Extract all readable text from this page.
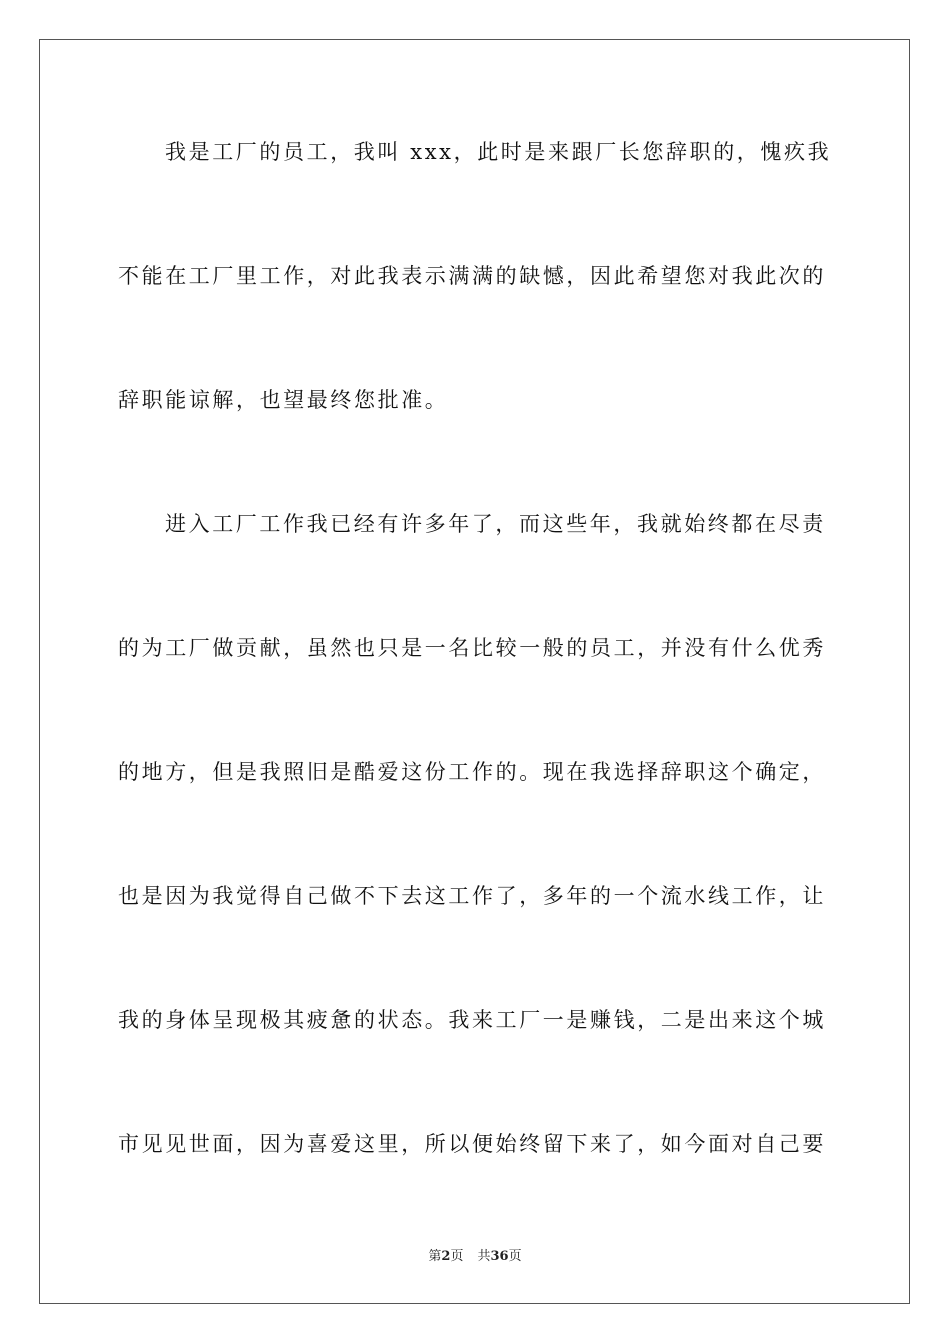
我是工厂的员工，我叫 xxx，此时是来跟厂长您辞职的，愧疚我
不能在工厂里工作，对此我表示满满的缺憾，因此希望您对我此次的
辞职能谅解，也望最终您批准。
进入工厂工作我已经有许多年了，而这些年，我就始终都在尽责
的为工厂做贡献，虽然也只是一名比较一般的员工，并没有什么优秀
的地方，但是我照旧是酷爱这份工作的。现在我选择辞职这个确定，
也是因为我觉得自己做不下去这工作了，多年的一个流水线工作，让
我的身体呈现极其疲惫的状态。我来工厂一是赚钱，二是出来这个城
市见见世面，因为喜爱这里，所以便始终留下来了，如今面对自己要
第2页 共36页
